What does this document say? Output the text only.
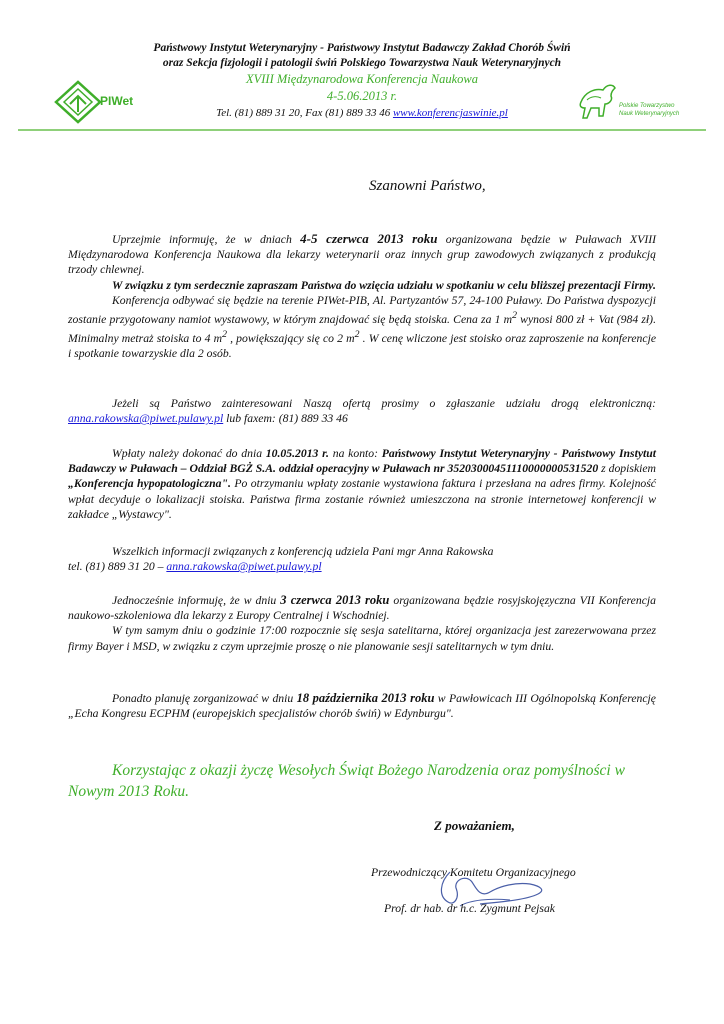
Państwowy Instytut Weterynaryjny - Państwowy Instytut Badawczy Zakład Chorób Świń
oraz Sekcja fizjologii i patologii świń Polskiego Towarzystwa Nauk Weterynaryjnych
XVIII Międzynarodowa Konferencja Naukowa
4-5.06.2013 r.
Tel. (81) 889 31 20, Fax (81) 889 33 46 www.konferencjaswinie.pl
PIWet	Polskie Towarzystwo
Nauk Weterynaryjnych
Szanowni Państwo,

Uprzejmie informuję, że w dniach 4-5 czerwca 2013 roku organizowana będzie w Puławach XVIII Międzynarodowa Konferencja Naukowa dla lekarzy weterynarii oraz innych grup zawodowych związanych z produkcją trzody chlewnej.

W związku z tym serdecznie zapraszam Państwa do wzięcia udziału w spotkaniu w celu bliższej prezentacji Firmy.

Konferencja odbywać się będzie na terenie PIWet-PIB, Al. Partyzantów 57, 24-100 Puławy. Do Państwa dyspozycji zostanie przygotowany namiot wystawowy, w którym znajdować się będą stoiska. Cena za 1 $m^2$ wynosi 800 zł + Vat (984 zł). Minimalny metraż stoiska to 4 $m^2$ , powiększający się co 2 $m^2$ . W cenę wliczone jest stoisko oraz zaproszenie na konferencje i spotkanie towarzyskie dla 2 osób.

Jeżeli są Państwo zainteresowani Naszą ofertą prosimy o zgłaszanie udziału drogą elektroniczną: anna.rakowska@piwet.pulawy.pl lub faxem: (81) 889 33 46

Wpłaty należy dokonać do dnia 10.05.2013 r. na konto: Państwowy Instytut Weterynaryjny - Państwowy Instytut Badawczy w Puławach – Oddział BGŻ S.A. oddział operacyjny w Puławach nr 35203000451110000000531520 z dopiskiem „Konferencja hypopatologiczna". Po otrzymaniu wpłaty zostanie wystawiona faktura i przesłana na adres firmy. Kolejność wpłat decyduje o lokalizacji stoiska. Państwa firma zostanie również umieszczona na stronie internetowej konferencji w zakładce „Wystawcy".

Wszelkich informacji związanych z konferencją udziela Pani mgr Anna Rakowska

tel. (81) 889 31 20 – anna.rakowska@piwet.pulawy.pl

Jednocześnie informuję, że w dniu 3 czerwca 2013 roku organizowana będzie rosyjskojęzyczna VII Konferencja naukowo-szkoleniowa dla lekarzy z Europy Centralnej i Wschodniej.

W tym samym dniu o godzinie 17:00 rozpocznie się sesja satelitarna, której organizacja jest zarezerwowana przez firmy Bayer i MSD, w związku z czym uprzejmie proszę o nie planowanie sesji satelitarnych w tym dniu.

Ponadto planuję zorganizować w dniu 18 października 2013 roku w Pawłowicach III Ogólnopolską Konferencję „Echa Kongresu ECPHM (europejskich specjalistów chorób świń) w Edynburgu".

Korzystając z okazji życzę Wesołych Świąt Bożego Narodzenia oraz pomyślności w Nowym 2013 Roku.
Z poważaniem,
Przewodniczący Komitetu Organizacyjnego
Prof. dr hab. dr h.c. Zygmunt Pejsak
